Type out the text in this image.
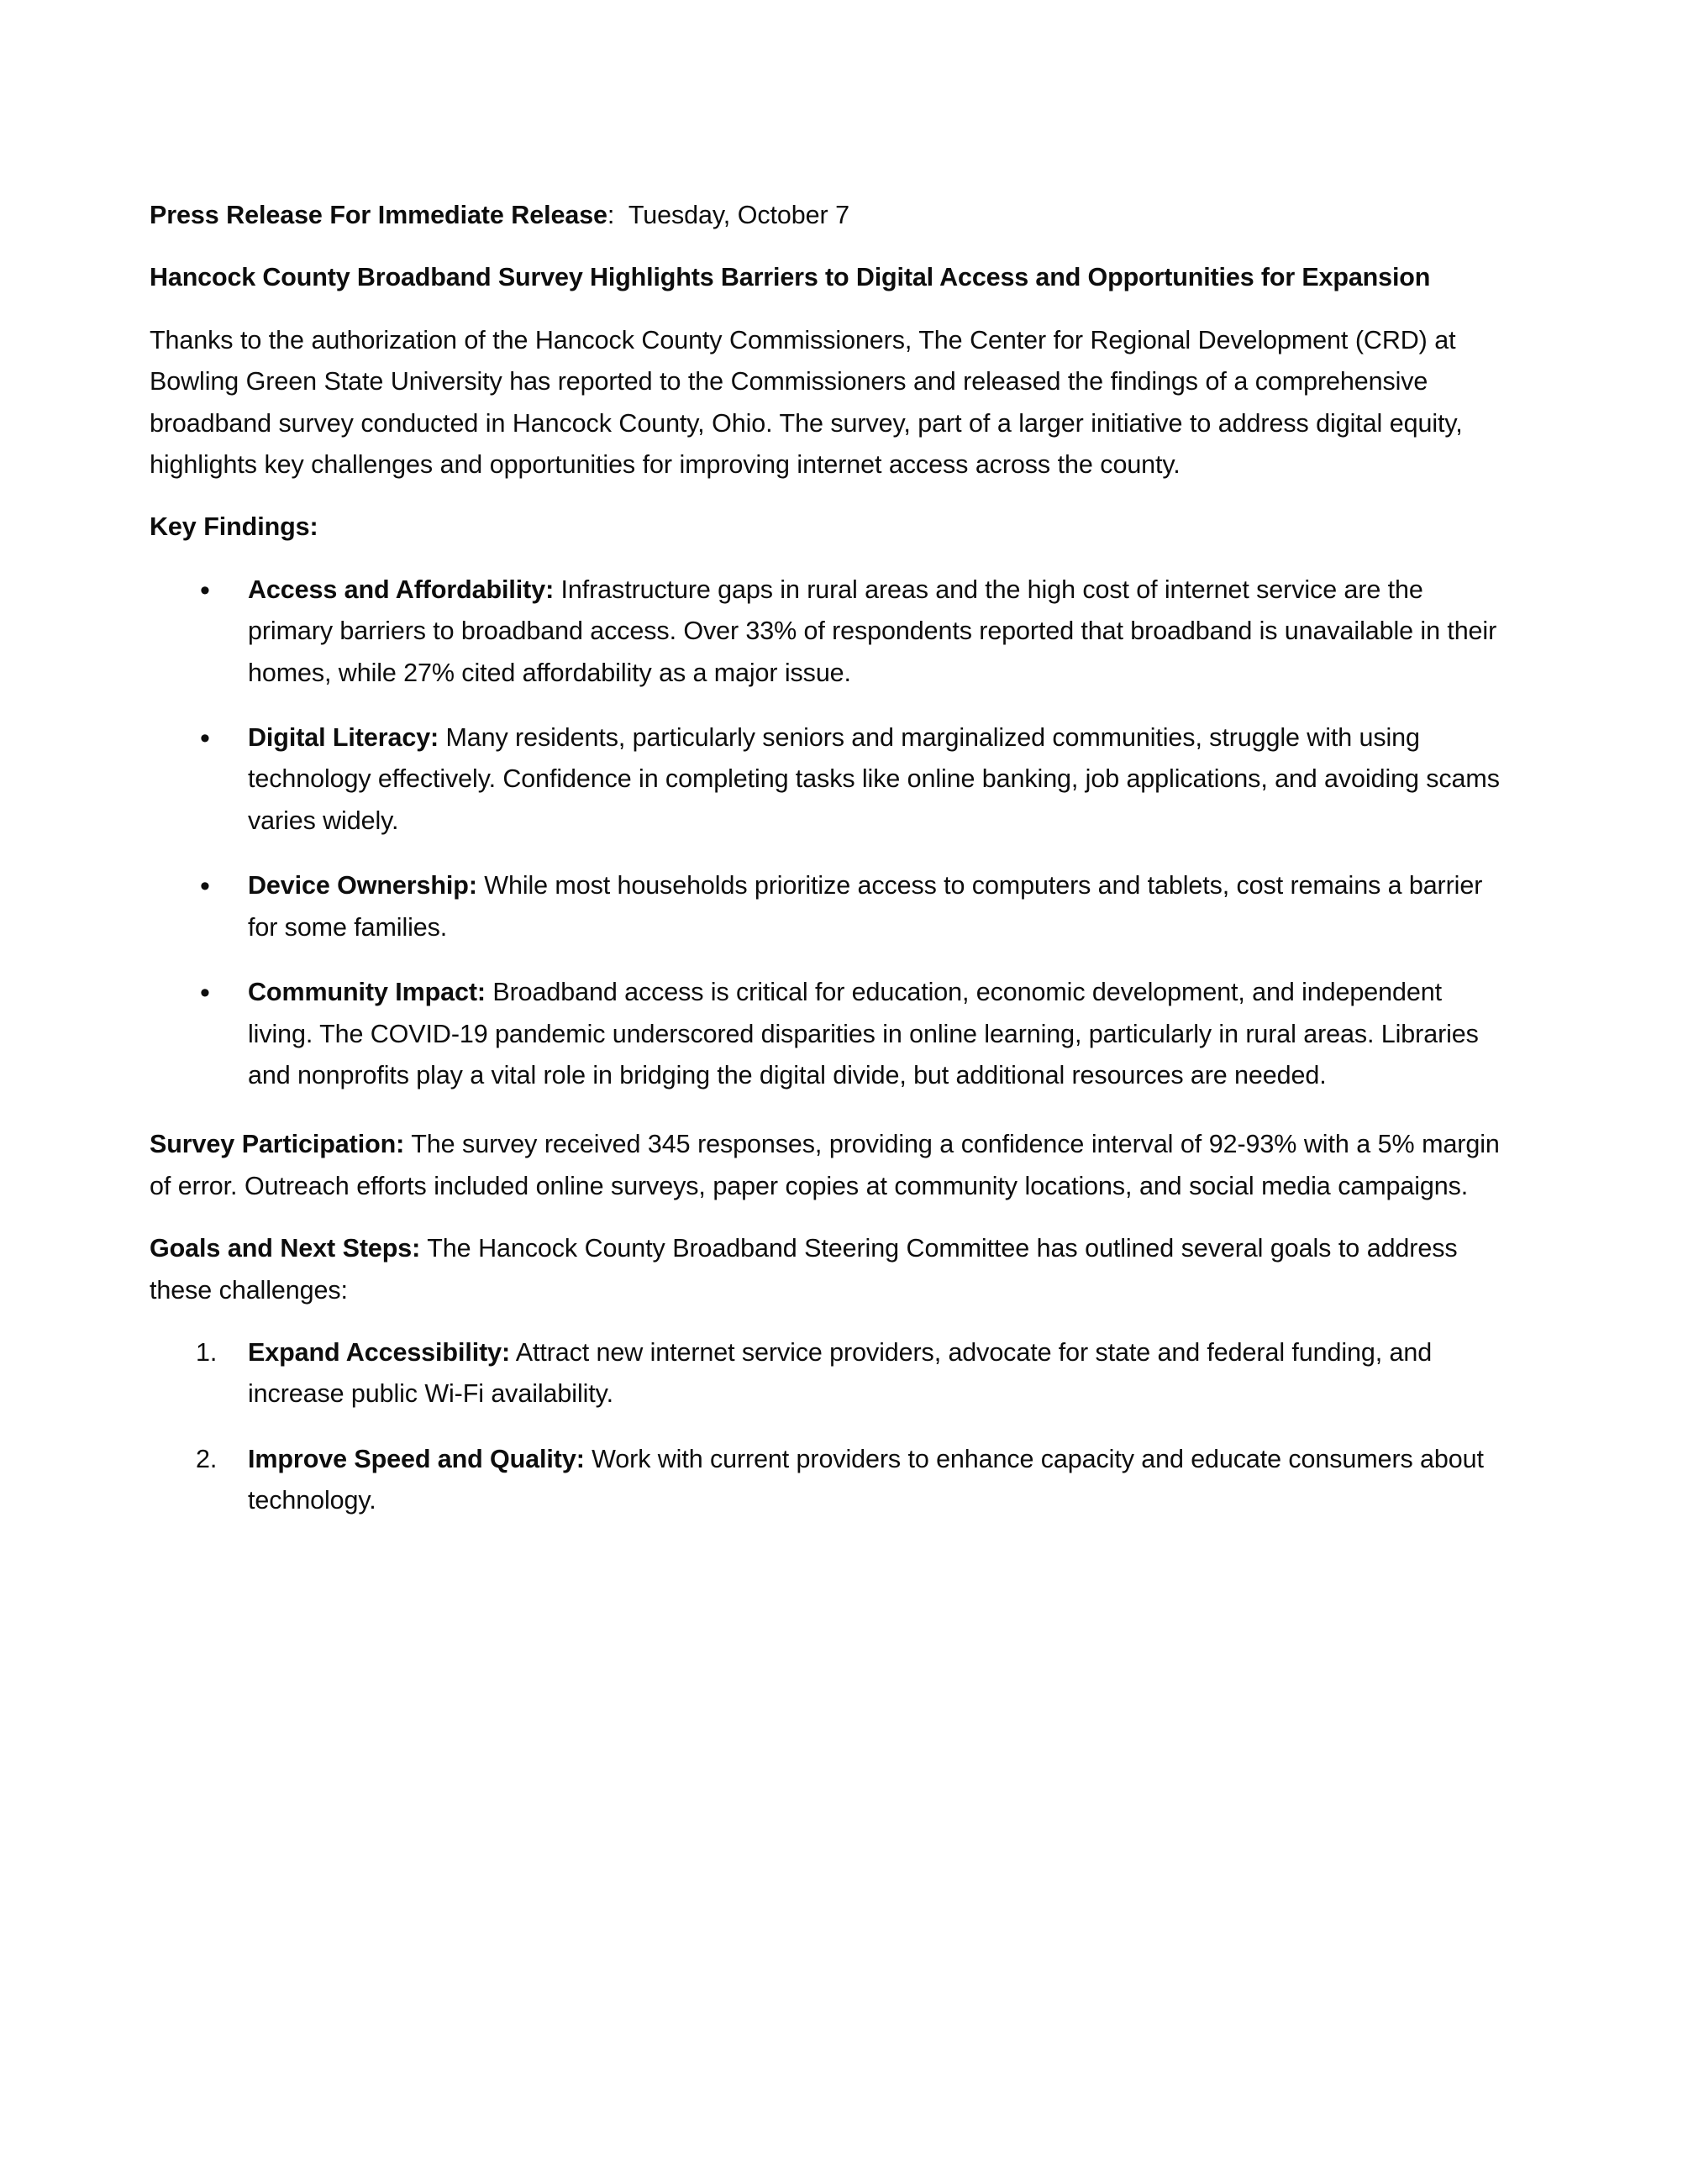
Press Release For Immediate Release: Tuesday, October 7

Hancock County Broadband Survey Highlights Barriers to Digital Access and Opportunities for Expansion

Thanks to the authorization of the Hancock County Commissioners, The Center for Regional Development (CRD) at Bowling Green State University has reported to the Commissioners and released the findings of a comprehensive broadband survey conducted in Hancock County, Ohio. The survey, part of a larger initiative to address digital equity, highlights key challenges and opportunities for improving internet access across the county.

Key Findings:

•	Access and Affordability: Infrastructure gaps in rural areas and the high cost of internet service are the primary barriers to broadband access. Over 33% of respondents reported that broadband is unavailable in their homes, while 27% cited affordability as a major issue.
•	Digital Literacy: Many residents, particularly seniors and marginalized communities, struggle with using technology effectively. Confidence in completing tasks like online banking, job applications, and avoiding scams varies widely.
•	Device Ownership: While most households prioritize access to computers and tablets, cost remains a barrier for some families.
•	Community Impact: Broadband access is critical for education, economic development, and independent living. The COVID-19 pandemic underscored disparities in online learning, particularly in rural areas. Libraries and nonprofits play a vital role in bridging the digital divide, but additional resources are needed.

Survey Participation: The survey received 345 responses, providing a confidence interval of 92-93% with a 5% margin of error. Outreach efforts included online surveys, paper copies at community locations, and social media campaigns.

Goals and Next Steps: The Hancock County Broadband Steering Committee has outlined several goals to address these challenges:

1.	Expand Accessibility: Attract new internet service providers, advocate for state and federal funding, and increase public Wi-Fi availability.
2.	Improve Speed and Quality: Work with current providers to enhance capacity and educate consumers about technology.
